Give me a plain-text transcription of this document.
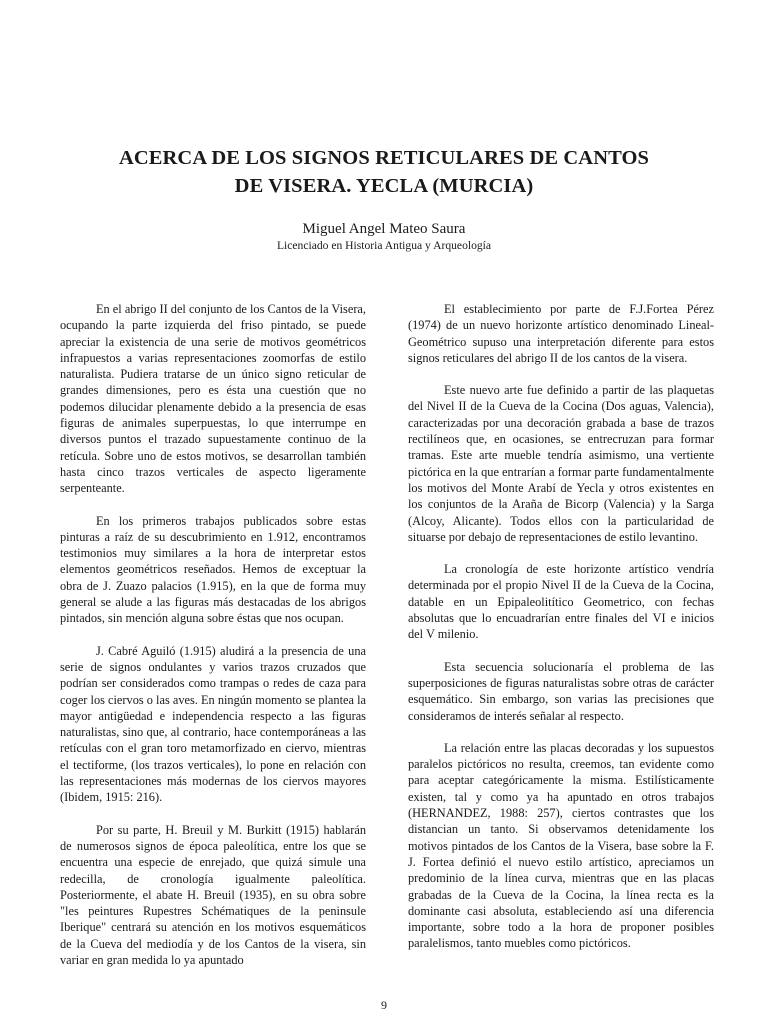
ACERCA DE LOS SIGNOS RETICULARES DE CANTOS
DE VISERA. YECLA (MURCIA)
Miguel Angel Mateo Saura
Licenciado en Historia Antigua y Arqueología

En el abrigo II del conjunto de los Cantos de la Visera, ocupando la parte izquierda del friso pintado, se puede apreciar la existencia de una serie de motivos geométricos infrapuestos a varias representaciones zoomorfas de estilo naturalista. Pudiera tratarse de un único signo reticular de grandes dimensiones, pero es ésta una cuestión que no podemos dilucidar plenamente debido a la presencia de esas figuras de animales superpuestas, lo que interrumpe en diversos puntos el trazado supuestamente continuo de la retícula. Sobre uno de estos motivos, se desarrollan también hasta cinco trazos verticales de aspecto ligeramente serpenteante.

En los primeros trabajos publicados sobre estas pinturas a raíz de su descubrimiento en 1.912, encontramos testimonios muy similares a la hora de interpretar estos elementos geométricos reseñados. Hemos de exceptuar la obra de J. Zuazo palacios (1.915), en la que de forma muy general se alude a las figuras más destacadas de los abrigos pintados, sin mención alguna sobre éstas que nos ocupan.

J. Cabré Aguiló (1.915) aludirá a la presencia de una serie de signos ondulantes y varios trazos cruzados que podrían ser considerados como trampas o redes de caza para coger los ciervos o las aves. En ningún momento se plantea la mayor antigüedad e independencia respecto a las figuras naturalistas, sino que, al contrario, hace contemporáneas a las retículas con el gran toro metamorfizado en ciervo, mientras el tectiforme, (los trazos verticales), lo pone en relación con las representaciones más modernas de los ciervos mayores (Ibidem, 1915: 216).

Por su parte, H. Breuil y M. Burkitt (1915) hablarán de numerosos signos de época paleolítica, entre los que se encuentra una especie de enrejado, que quizá simule una redecilla, de cronología igualmente paleolítica. Posteriormente, el abate H. Breuil (1935), en su obra sobre "les peintures Rupestres Schématiques de la peninsule Iberique" centrará su atención en los motivos esquemáticos de la Cueva del mediodía y de los Cantos de la visera, sin variar en gran medida lo ya apuntado

El establecimiento por parte de F.J.Fortea Pérez (1974) de un nuevo horizonte artístico denominado Lineal-Geométrico supuso una interpretación diferente para estos signos reticulares del abrigo II de los cantos de la visera.

Este nuevo arte fue definido a partir de las plaquetas del Nivel II de la Cueva de la Cocina (Dos aguas, Valencia), caracterizadas por una decoración grabada a base de trazos rectilíneos que, en ocasiones, se entrecruzan para formar tramas. Este arte mueble tendría asimismo, una vertiente pictórica en la que entrarían a formar parte fundamentalmente los motivos del Monte Arabí de Yecla y otros existentes en los conjuntos de la Araña de Bicorp (Valencia) y la Sarga (Alcoy, Alicante). Todos ellos con la particularidad de situarse por debajo de representaciones de estilo levantino.

La cronología de este horizonte artístico vendría determinada por el propio Nivel II de la Cueva de la Cocina, datable en un Epipaleolitítico Geometrico, con fechas absolutas que lo encuadrarían entre finales del VI e inicios del V milenio.

Esta secuencia solucionaría el problema de las superposiciones de figuras naturalistas sobre otras de carácter esquemático. Sin embargo, son varias las precisiones que consideramos de interés señalar al respecto.

La relación entre las placas decoradas y los supuestos paralelos pictóricos no resulta, creemos, tan evidente como para aceptar categóricamente la misma. Estilísticamente existen, tal y como ya ha apuntado en otros trabajos (HERNANDEZ, 1988: 257), ciertos contrastes que los distancian un tanto. Si observamos detenidamente los motivos pintados de los Cantos de la Visera, base sobre la F. J. Fortea definió el nuevo estilo artístico, apreciamos un predominio de la línea curva, mientras que en las placas grabadas de la Cueva de la Cocina, la línea recta es la dominante casi absoluta, estableciendo así una diferencia importante, sobre todo a la hora de proponer posibles paralelismos, tanto muebles como pictóricos.

9
